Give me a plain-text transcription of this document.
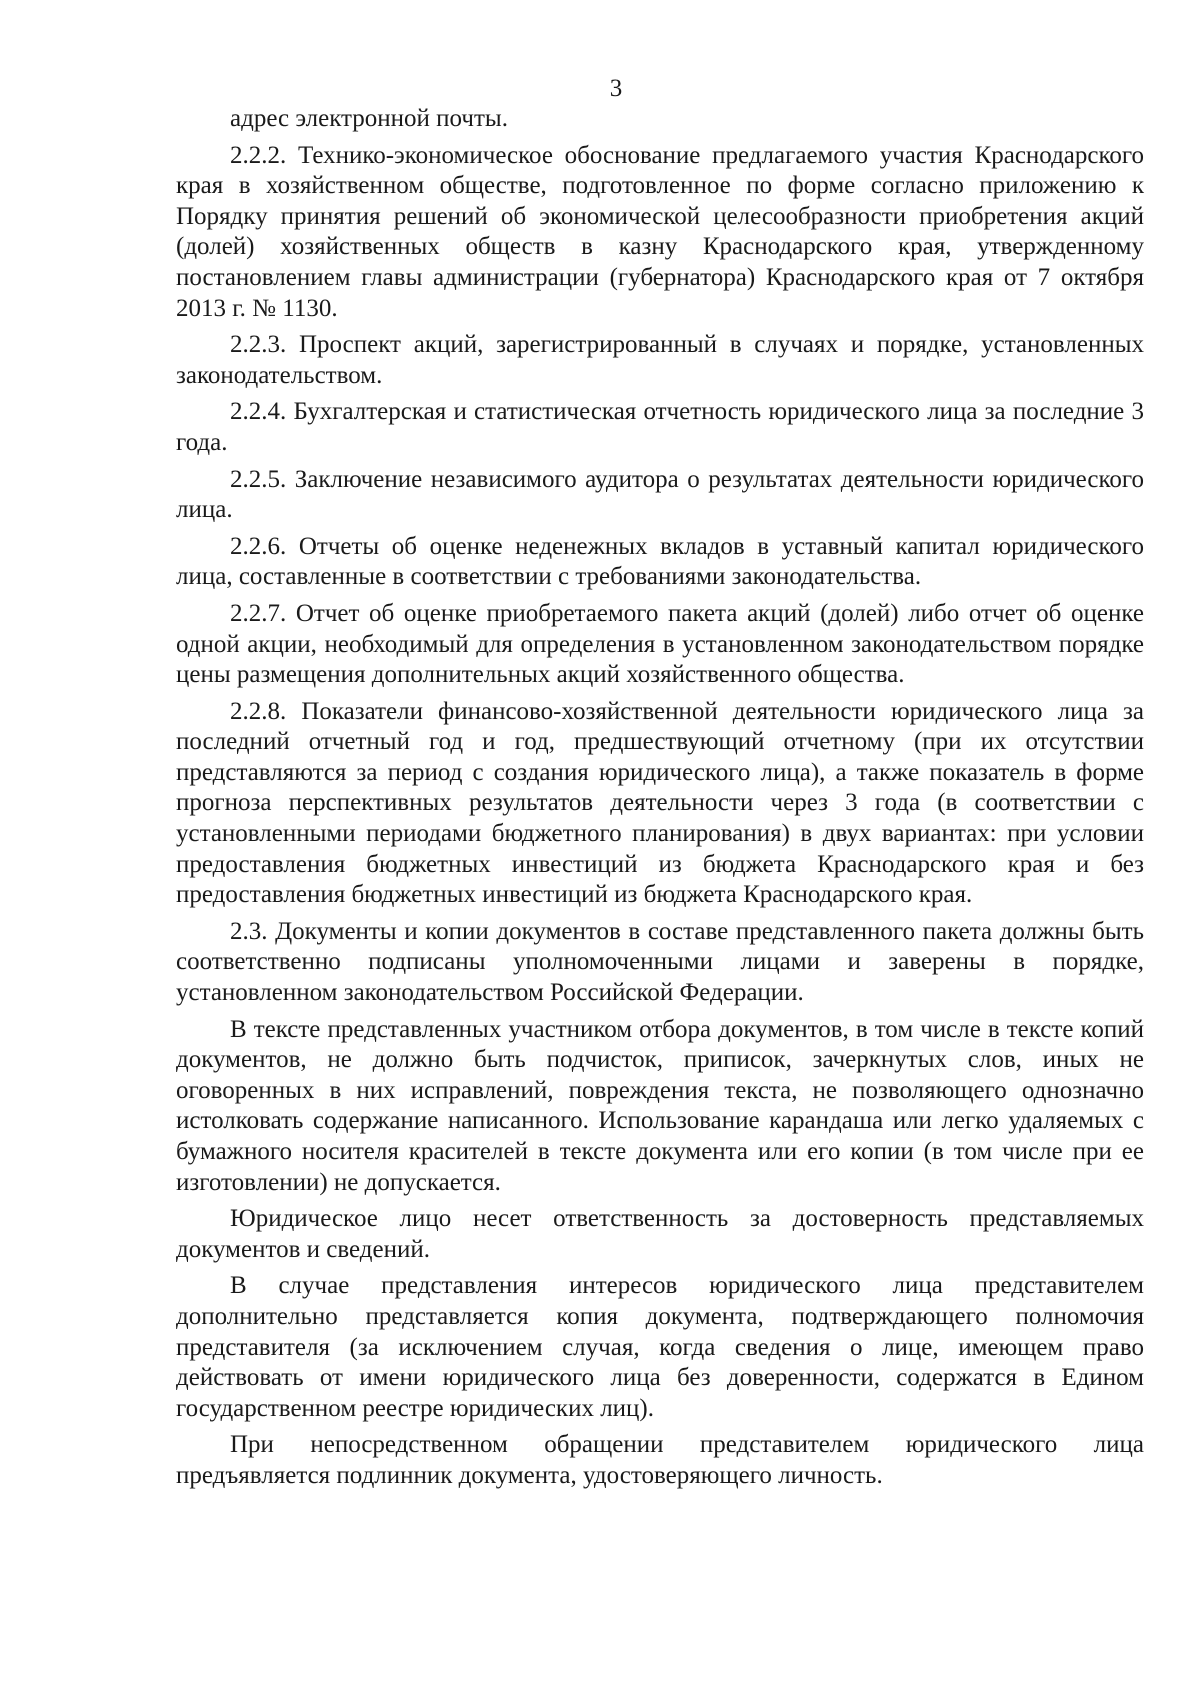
3

адрес электронной почты.

2.2.2. Технико-экономическое обоснование предлагаемого участия Краснодарского края в хозяйственном обществе, подготовленное по форме согласно приложению к Порядку принятия решений об экономической целесообразности приобретения акций (долей) хозяйственных обществ в казну Краснодарского края, утвержденному постановлением главы администрации (губернатора) Краснодарского края от 7 октября 2013 г. № 1130.

2.2.3. Проспект акций, зарегистрированный в случаях и порядке, установленных законодательством.

2.2.4. Бухгалтерская и статистическая отчетность юридического лица за последние 3 года.

2.2.5. Заключение независимого аудитора о результатах деятельности юридического лица.

2.2.6. Отчеты об оценке неденежных вкладов в уставный капитал юридического лица, составленные в соответствии с требованиями законодательства.

2.2.7. Отчет об оценке приобретаемого пакета акций (долей) либо отчет об оценке одной акции, необходимый для определения в установленном законодательством порядке цены размещения дополнительных акций хозяйственного общества.

2.2.8. Показатели финансово-хозяйственной деятельности юридического лица за последний отчетный год и год, предшествующий отчетному (при их отсутствии представляются за период с создания юридического лица), а также показатель в форме прогноза перспективных результатов деятельности через 3 года (в соответствии с установленными периодами бюджетного планирования) в двух вариантах: при условии предоставления бюджетных инвестиций из бюджета Краснодарского края и без предоставления бюджетных инвестиций из бюджета Краснодарского края.

2.3. Документы и копии документов в составе представленного пакета должны быть соответственно подписаны уполномоченными лицами и заверены в порядке, установленном законодательством Российской Федерации.

В тексте представленных участником отбора документов, в том числе в тексте копий документов, не должно быть подчисток, приписок, зачеркнутых слов, иных не оговоренных в них исправлений, повреждения текста, не позволяющего однозначно истолковать содержание написанного. Использование карандаша или легко удаляемых с бумажного носителя красителей в тексте документа или его копии (в том числе при ее изготовлении) не допускается.

Юридическое лицо несет ответственность за достоверность представляемых документов и сведений.

В случае представления интересов юридического лица представителем дополнительно представляется копия документа, подтверждающего полномочия представителя (за исключением случая, когда сведения о лице, имеющем право действовать от имени юридического лица без доверенности, содержатся в Едином государственном реестре юридических лиц).

При непосредственном обращении представителем юридического лица предъявляется подлинник документа, удостоверяющего личность.
